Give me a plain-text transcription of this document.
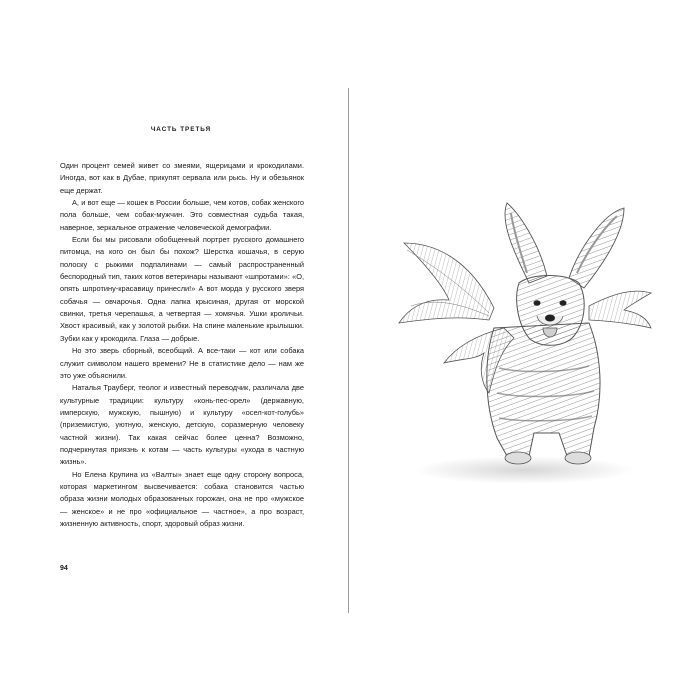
ЧАСТЬ ТРЕТЬЯ

Один процент семей живет со змеями, ящерицами и крокодилами. Иногда, вот как в Дубае, прикупят сервала или рысь. Ну и обезьянок еще держат.

А, и вот еще — кошек в России больше, чем котов, собак женского пола больше, чем собак-мужчин. Это совместная судьба такая, наверное, зеркальное отражение человеческой демографии.

Если бы мы рисовали обобщенный портрет русского домашнего питомца, на кого он был бы похож? Шерстка кошачья, в серую полоску с рыжими подпалинами — самый распространенный беспородный тип, таких котов ветеринары называют «шпротами»: «О, опять шпротину-красавицу принесли!» А вот морда у русского зверя собачья — овчарочья. Одна лапка крысиная, другая от морской свинки, третья черепашья, а четвертая — хомячья. Ушки кроличьи. Хвост красивый, как у золотой рыбки. На спине маленькие крылышки. Зубки как у крокодила. Глаза — добрые.

Но это зверь сборный, всеобщий. А все-таки — кот или собака служит символом нашего времени? Не в статистике дело — нам же это уже объяснили.

Наталья Трауберг, теолог и известный переводчик, различала две культурные традиции: культуру «конь-пес-орел» (державную, имперскую, мужскую, пышную) и культуру «осел-кот-голубь» (приземистую, уютную, женскую, детскую, соразмерную человеку частной жизни). Так какая сейчас более ценна? Возможно, подчеркнутая приязнь к котам — часть культуры «ухода в частную жизнь».

Но Елена Крупина из «Валты» знает еще одну сторону вопроса, которая маркетингом высвечивается: собака становится частью образа жизни молодых образованных горожан, она не про «мужское — женское» и не про «официальное — частное», а про возраст, жизненную активность, спорт, здоровый образ жизни.

94
